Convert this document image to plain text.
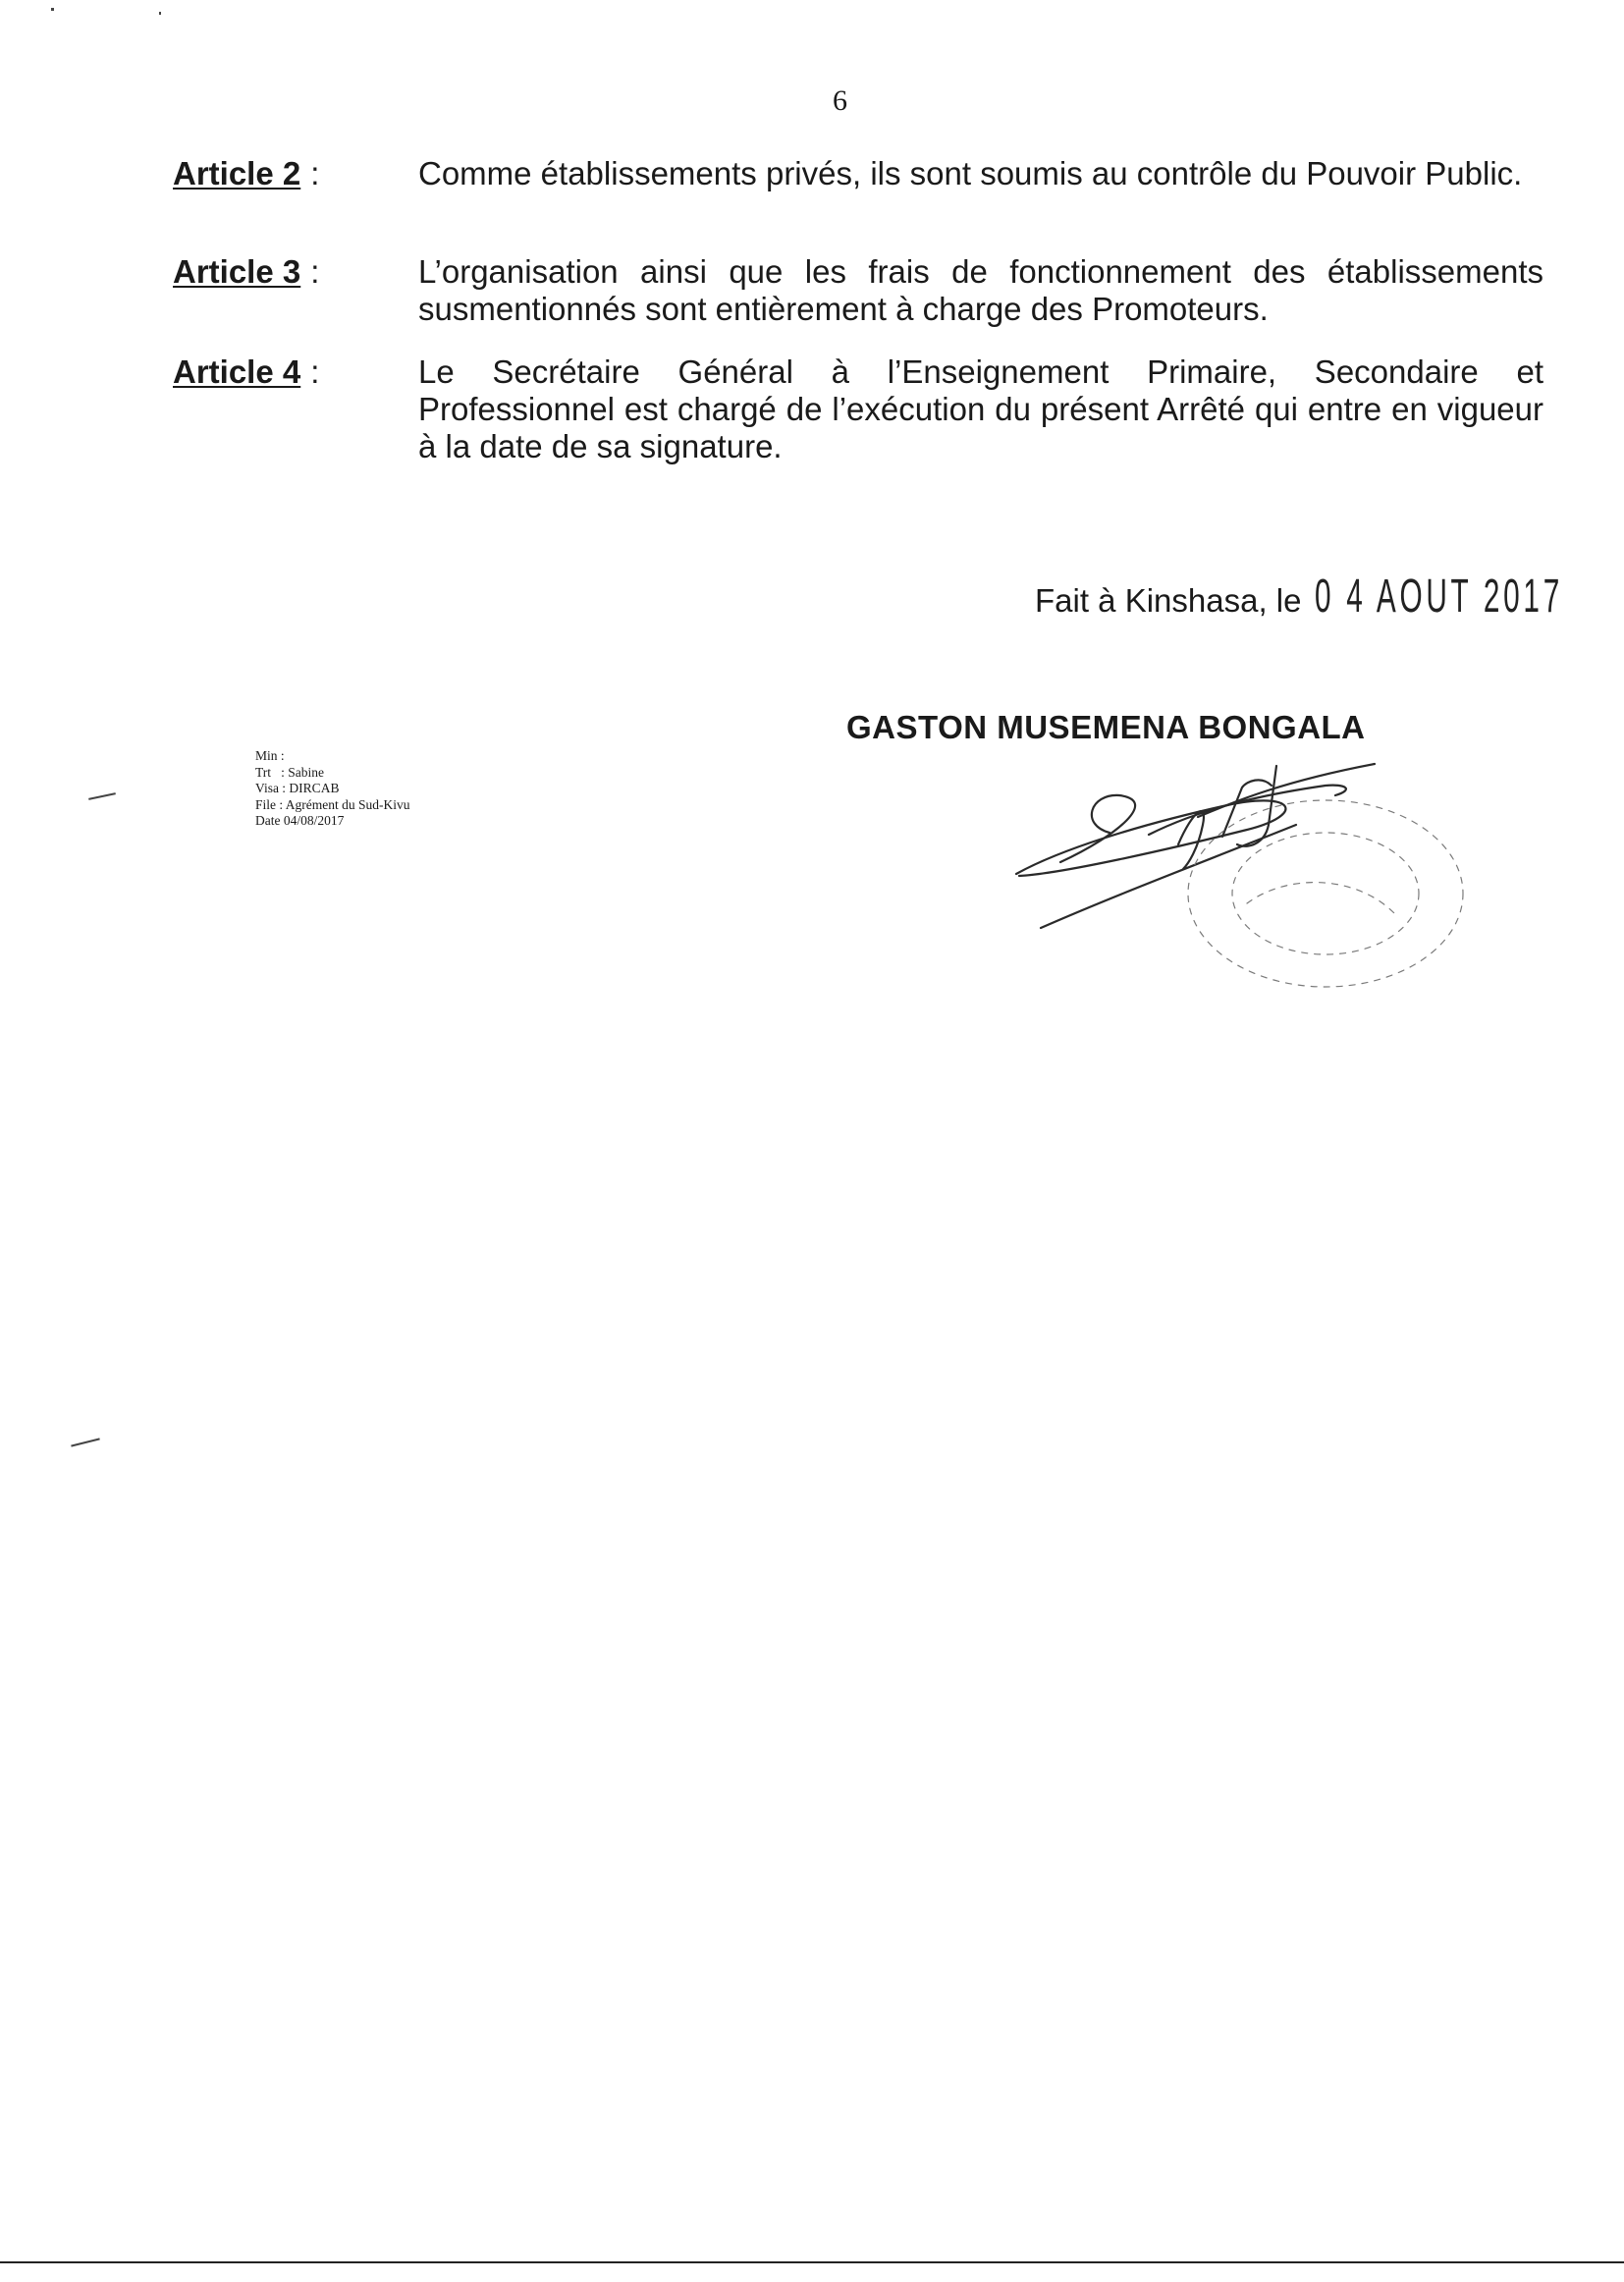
6
Article 2 :	Comme établissements privés, ils sont soumis au contrôle du Pouvoir Public.
Article 3 :	L’organisation ainsi que les frais de fonctionnement des établissements susmentionnés sont entièrement à charge des Promoteurs.
Article 4 :	Le Secrétaire Général à l’Enseignement Primaire, Secondaire et Professionnel est chargé de l’exécution du présent Arrêté qui entre en vigueur à la date de sa signature.
Fait à Kinshasa, le 0 4 AOUT 2017
GASTON MUSEMENA BONGALA
Min :
Trt   : Sabine
Visa : DIRCAB
File : Agrément du Sud-Kivu
Date 04/08/2017
